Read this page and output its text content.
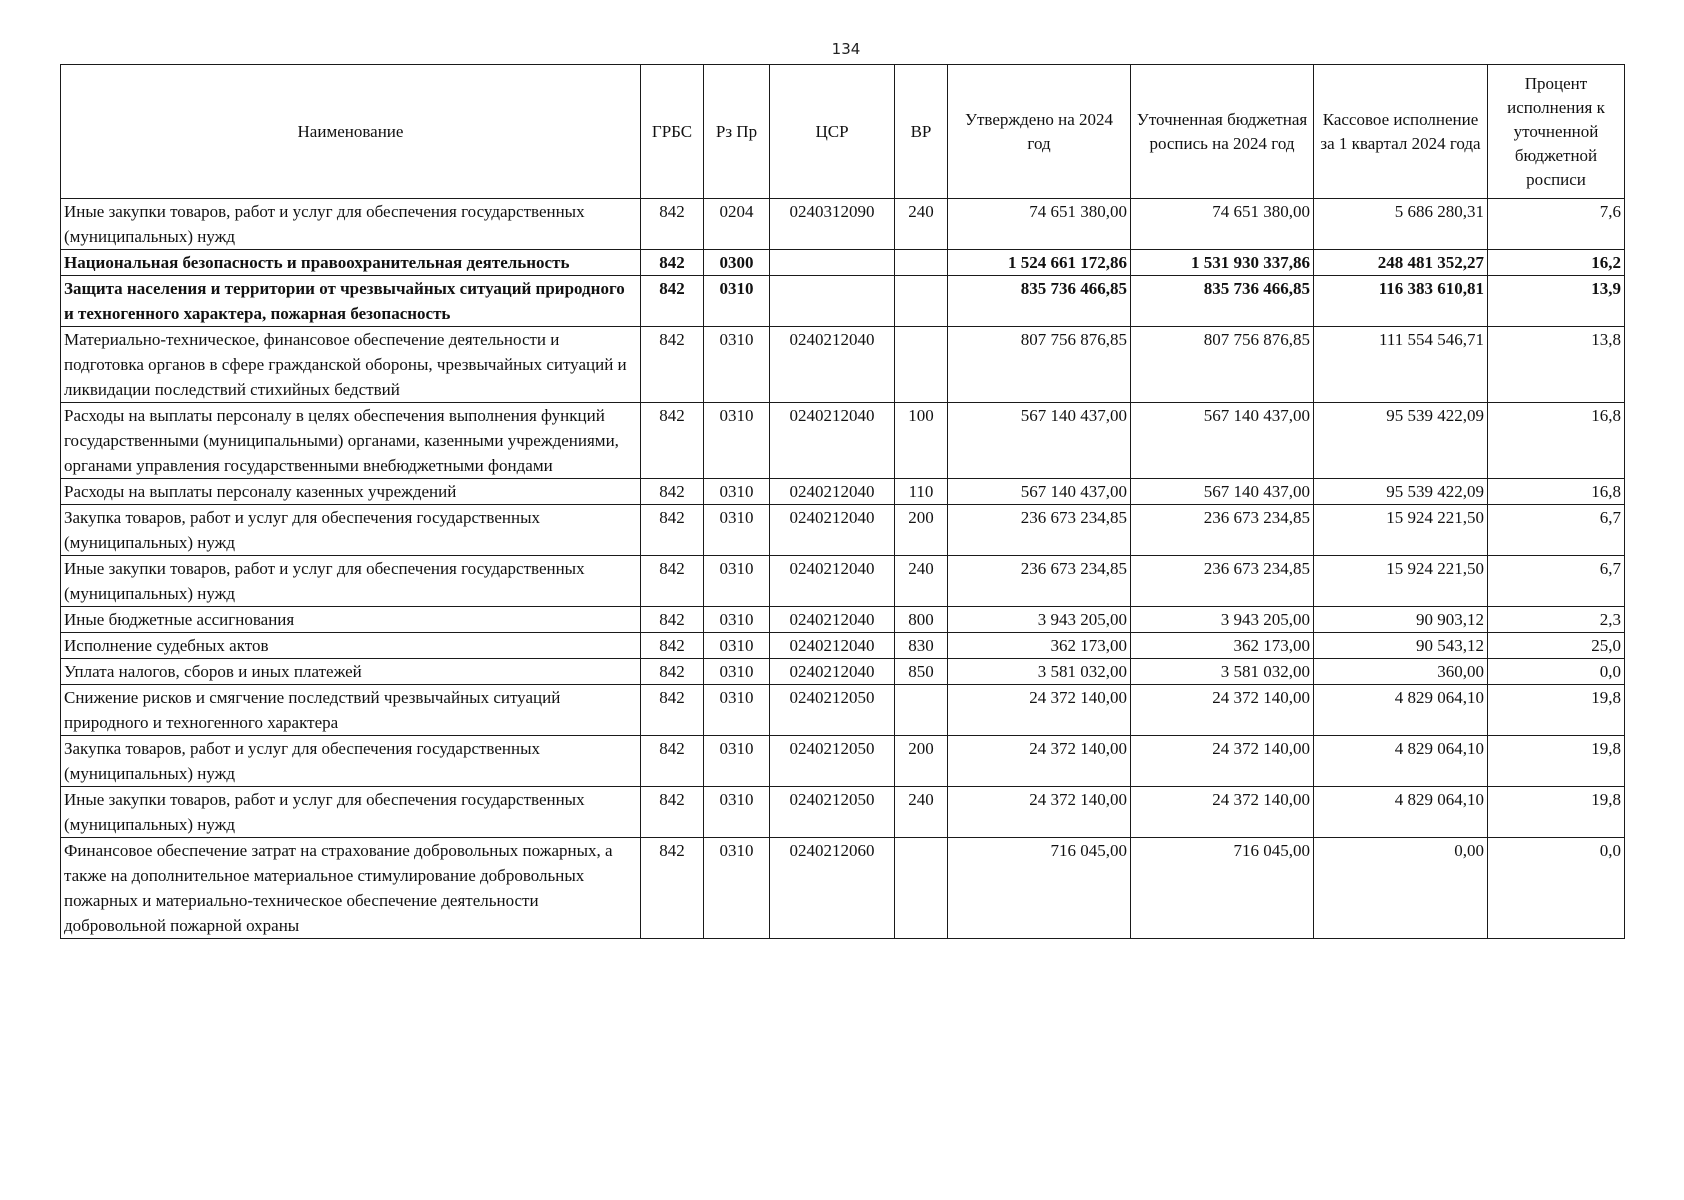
134
Наименование	ГРБС	Рз Пр	ЦСР	ВР	Утверждено на 2024 год	Уточненная бюджетная роспись на 2024 год	Кассовое исполнение за 1 квартал 2024 года	Процент исполнения к уточненной бюджетной росписи
Иные закупки товаров, работ и услуг для обеспечения государственных (муниципальных) нужд	842	0204	0240312090	240	74 651 380,00	74 651 380,00	5 686 280,31	7,6
Национальная безопасность и правоохранительная деятельность	842	0300			1 524 661 172,86	1 531 930 337,86	248 481 352,27	16,2
Защита населения и территории от чрезвычайных ситуаций природного и техногенного характера, пожарная безопасность	842	0310			835 736 466,85	835 736 466,85	116 383 610,81	13,9
Материально-техническое, финансовое обеспечение деятельности и подготовка органов в сфере гражданской обороны, чрезвычайных ситуаций и ликвидации последствий стихийных бедствий	842	0310	0240212040		807 756 876,85	807 756 876,85	111 554 546,71	13,8
Расходы на выплаты персоналу в целях обеспечения выполнения функций государственными (муниципальными) органами, казенными учреждениями, органами управления государственными внебюджетными фондами	842	0310	0240212040	100	567 140 437,00	567 140 437,00	95 539 422,09	16,8
Расходы на выплаты персоналу казенных учреждений	842	0310	0240212040	110	567 140 437,00	567 140 437,00	95 539 422,09	16,8
Закупка товаров, работ и услуг для обеспечения государственных (муниципальных) нужд	842	0310	0240212040	200	236 673 234,85	236 673 234,85	15 924 221,50	6,7
Иные закупки товаров, работ и услуг для обеспечения государственных (муниципальных) нужд	842	0310	0240212040	240	236 673 234,85	236 673 234,85	15 924 221,50	6,7
Иные бюджетные ассигнования	842	0310	0240212040	800	3 943 205,00	3 943 205,00	90 903,12	2,3
Исполнение судебных актов	842	0310	0240212040	830	362 173,00	362 173,00	90 543,12	25,0
Уплата налогов, сборов и иных платежей	842	0310	0240212040	850	3 581 032,00	3 581 032,00	360,00	0,0
Снижение рисков и смягчение последствий чрезвычайных ситуаций природного и техногенного характера	842	0310	0240212050		24 372 140,00	24 372 140,00	4 829 064,10	19,8
Закупка товаров, работ и услуг для обеспечения государственных (муниципальных) нужд	842	0310	0240212050	200	24 372 140,00	24 372 140,00	4 829 064,10	19,8
Иные закупки товаров, работ и услуг для обеспечения государственных (муниципальных) нужд	842	0310	0240212050	240	24 372 140,00	24 372 140,00	4 829 064,10	19,8
Финансовое обеспечение затрат на страхование добровольных пожарных, а также на дополнительное материальное стимулирование добровольных пожарных и материально-техническое обеспечение деятельности добровольной пожарной охраны	842	0310	0240212060		716 045,00	716 045,00	0,00	0,0
